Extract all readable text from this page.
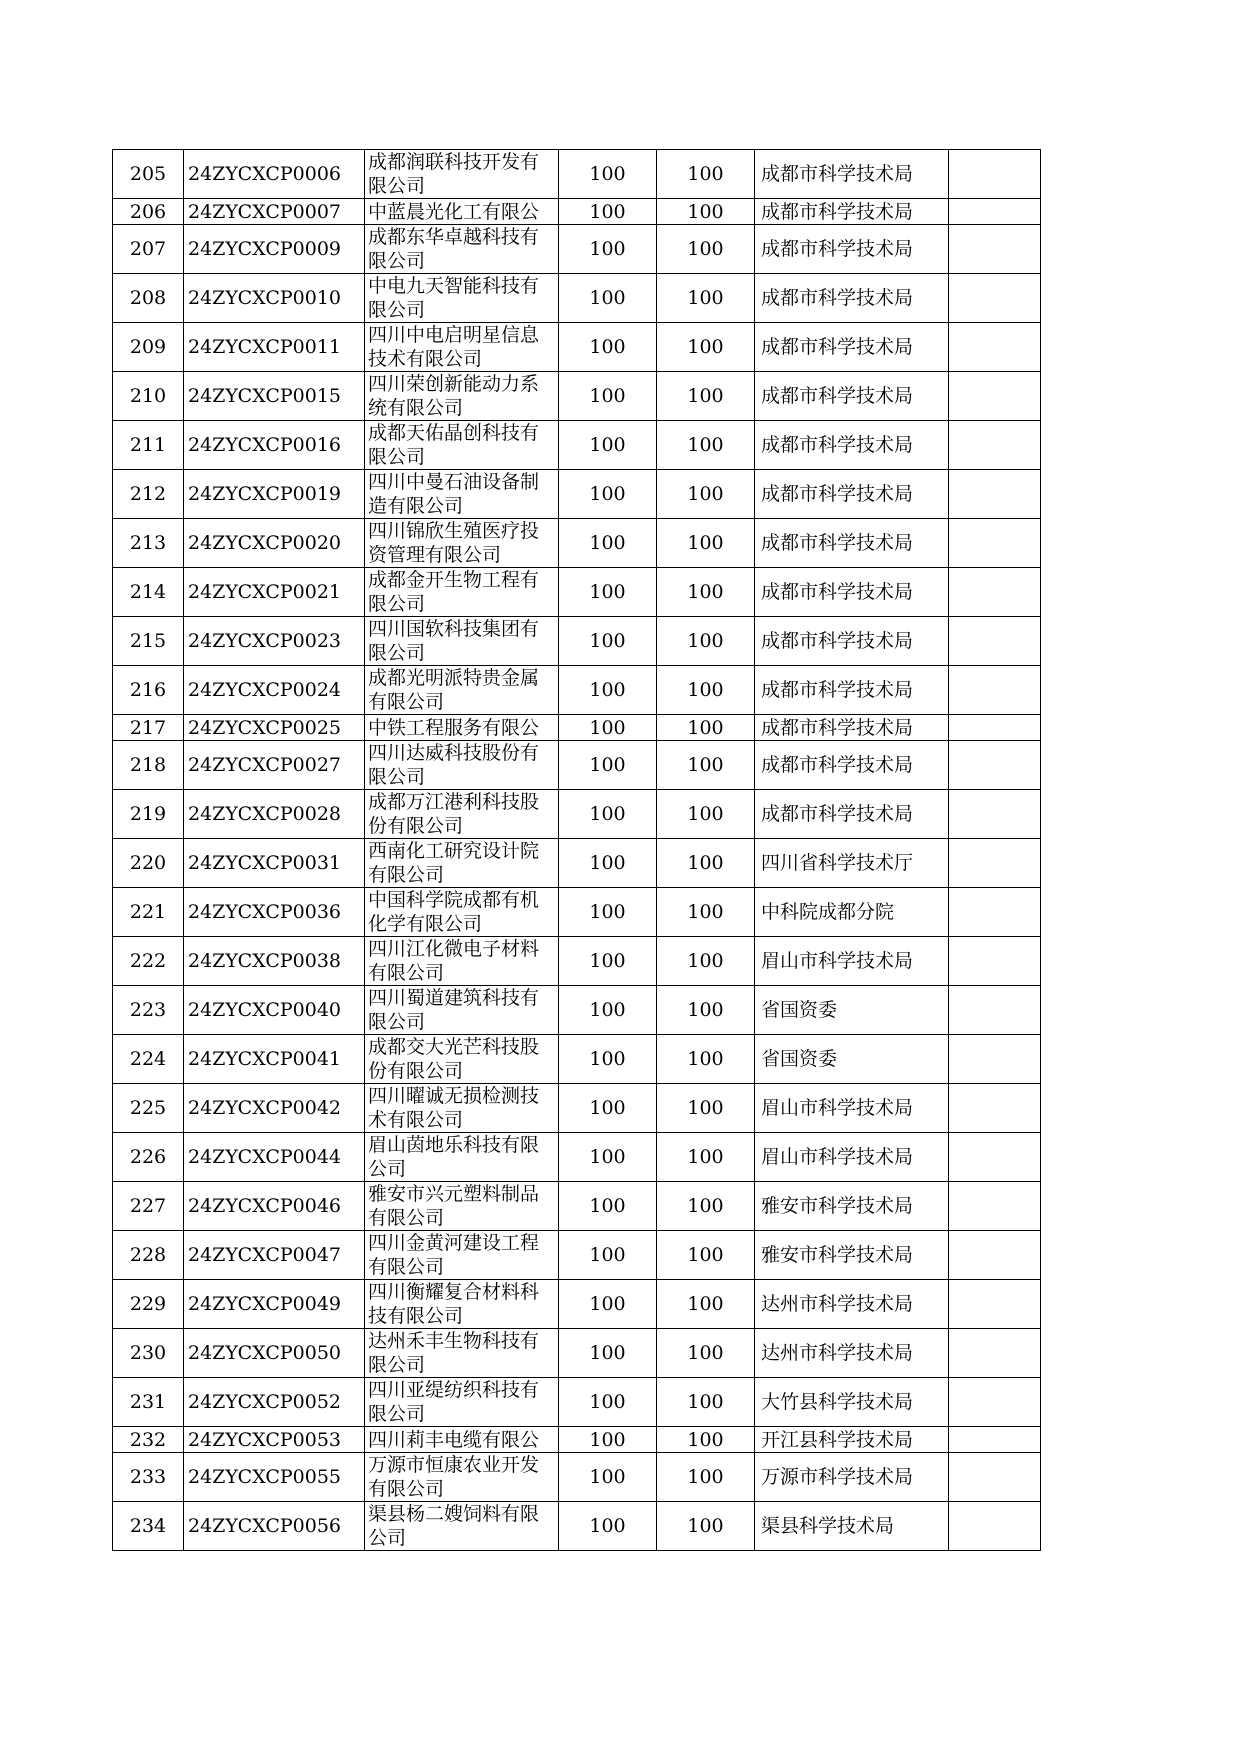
205	24ZYCXCP0006	成都润联科技开发有
限公司	100	100	成都市科学技术局	
206	24ZYCXCP0007	中蓝晨光化工有限公	100	100	成都市科学技术局	
207	24ZYCXCP0009	成都东华卓越科技有
限公司	100	100	成都市科学技术局	
208	24ZYCXCP0010	中电九天智能科技有
限公司	100	100	成都市科学技术局	
209	24ZYCXCP0011	四川中电启明星信息
技术有限公司	100	100	成都市科学技术局	
210	24ZYCXCP0015	四川荣创新能动力系
统有限公司	100	100	成都市科学技术局	
211	24ZYCXCP0016	成都天佑晶创科技有
限公司	100	100	成都市科学技术局	
212	24ZYCXCP0019	四川中曼石油设备制
造有限公司	100	100	成都市科学技术局	
213	24ZYCXCP0020	四川锦欣生殖医疗投
资管理有限公司	100	100	成都市科学技术局	
214	24ZYCXCP0021	成都金开生物工程有
限公司	100	100	成都市科学技术局	
215	24ZYCXCP0023	四川国软科技集团有
限公司	100	100	成都市科学技术局	
216	24ZYCXCP0024	成都光明派特贵金属
有限公司	100	100	成都市科学技术局	
217	24ZYCXCP0025	中铁工程服务有限公	100	100	成都市科学技术局	
218	24ZYCXCP0027	四川达威科技股份有
限公司	100	100	成都市科学技术局	
219	24ZYCXCP0028	成都万江港利科技股
份有限公司	100	100	成都市科学技术局	
220	24ZYCXCP0031	西南化工研究设计院
有限公司	100	100	四川省科学技术厅	
221	24ZYCXCP0036	中国科学院成都有机
化学有限公司	100	100	中科院成都分院	
222	24ZYCXCP0038	四川江化微电子材料
有限公司	100	100	眉山市科学技术局	
223	24ZYCXCP0040	四川蜀道建筑科技有
限公司	100	100	省国资委	
224	24ZYCXCP0041	成都交大光芒科技股
份有限公司	100	100	省国资委	
225	24ZYCXCP0042	四川曜诚无损检测技
术有限公司	100	100	眉山市科学技术局	
226	24ZYCXCP0044	眉山茵地乐科技有限
公司	100	100	眉山市科学技术局	
227	24ZYCXCP0046	雅安市兴元塑料制品
有限公司	100	100	雅安市科学技术局	
228	24ZYCXCP0047	四川金黄河建设工程
有限公司	100	100	雅安市科学技术局	
229	24ZYCXCP0049	四川衡耀复合材料科
技有限公司	100	100	达州市科学技术局	
230	24ZYCXCP0050	达州禾丰生物科技有
限公司	100	100	达州市科学技术局	
231	24ZYCXCP0052	四川亚缇纺织科技有
限公司	100	100	大竹县科学技术局	
232	24ZYCXCP0053	四川莉丰电缆有限公	100	100	开江县科学技术局	
233	24ZYCXCP0055	万源市恒康农业开发
有限公司	100	100	万源市科学技术局	
234	24ZYCXCP0056	渠县杨二嫂饲料有限
公司	100	100	渠县科学技术局	
